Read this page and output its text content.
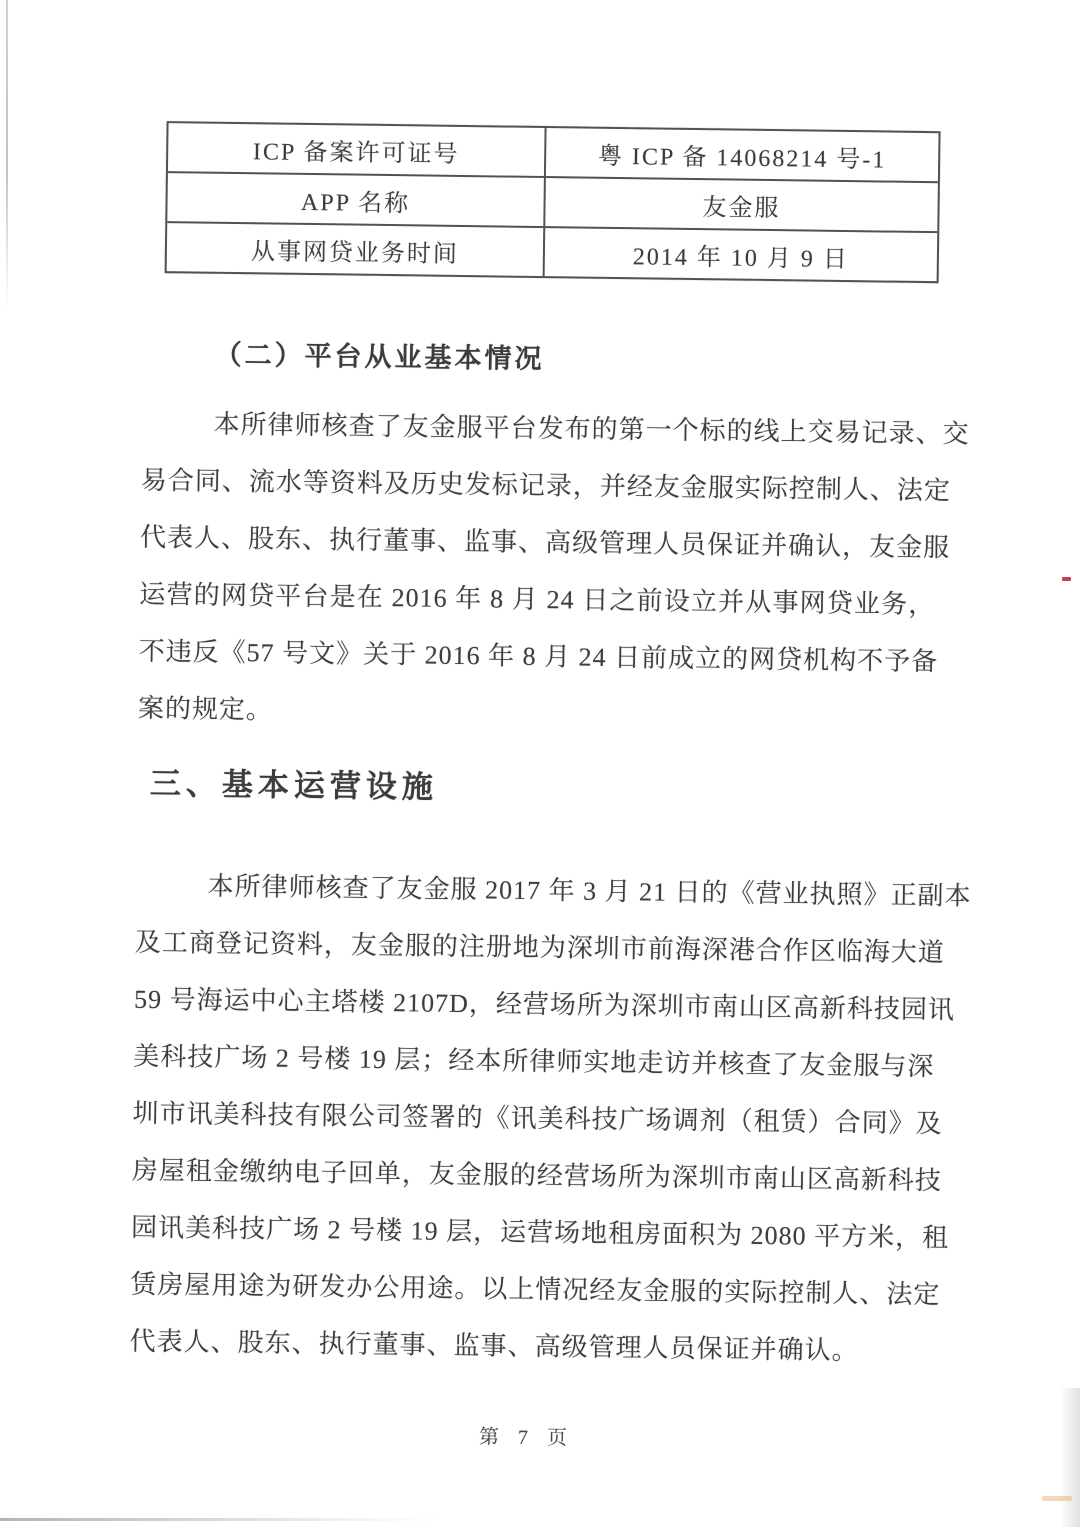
ICP 备案许可证号	粤 ICP 备 14068214 号-1
APP 名称	友金服
从事网贷业务时间	2014 年 10 月 9 日
（二）平台从业基本情况
本所律师核查了友金服平台发布的第一个标的线上交易记录、交
易合同、流水等资料及历史发标记录，并经友金服实际控制人、法定
代表人、股东、执行董事、监事、高级管理人员保证并确认，友金服
运营的网贷平台是在 2016 年 8 月 24 日之前设立并从事网贷业务，
不违反《57 号文》关于 2016 年 8 月 24 日前成立的网贷机构不予备
案的规定。
三、基本运营设施
本所律师核查了友金服 2017 年 3 月 21 日的《营业执照》正副本
及工商登记资料，友金服的注册地为深圳市前海深港合作区临海大道
59 号海运中心主塔楼 2107D，经营场所为深圳市南山区高新科技园讯
美科技广场 2 号楼 19 层；经本所律师实地走访并核查了友金服与深
圳市讯美科技有限公司签署的《讯美科技广场调剂（租赁）合同》及
房屋租金缴纳电子回单，友金服的经营场所为深圳市南山区高新科技
园讯美科技广场 2 号楼 19 层，运营场地租房面积为 2080 平方米，租
赁房屋用途为研发办公用途。以上情况经友金服的实际控制人、法定
代表人、股东、执行董事、监事、高级管理人员保证并确认。
第 7 页
